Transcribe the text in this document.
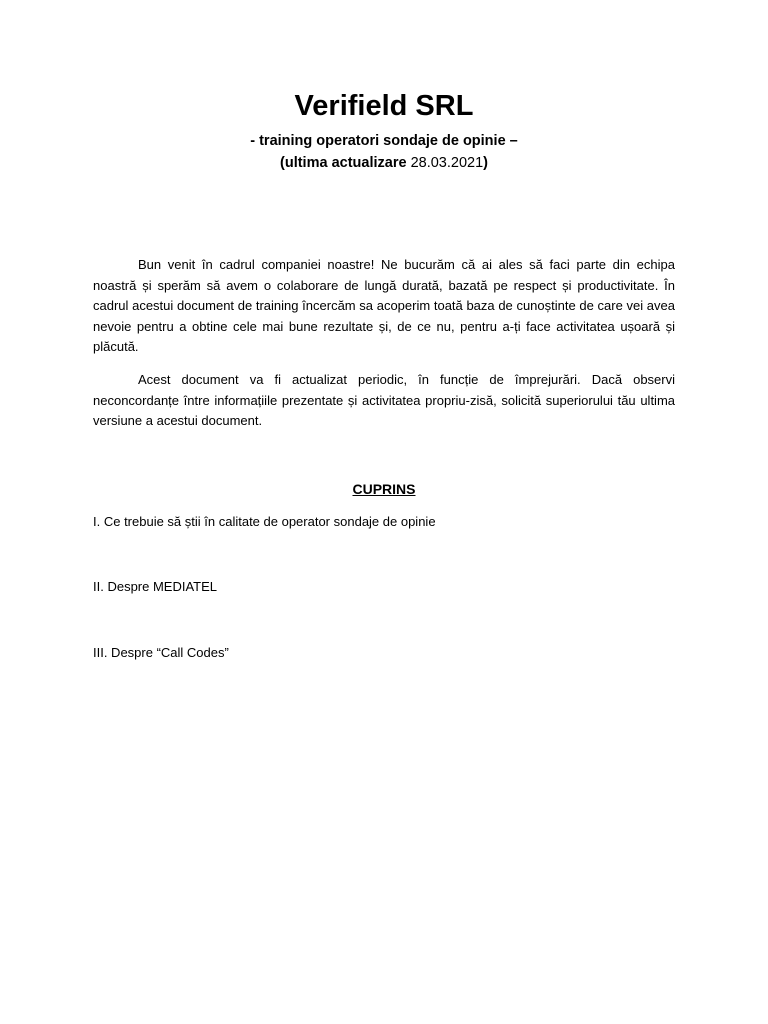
Verifield SRL

- training operatori sondaje de opinie –

(ultima actualizare 28.03.2021)

Bun venit în cadrul companiei noastre! Ne bucurăm că ai ales să faci parte din echipa noastră și sperăm să avem o colaborare de lungă durată, bazată pe respect și productivitate. În cadrul acestui document de training încercăm sa acoperim toată baza de cunoștinte de care vei avea nevoie pentru a obtine cele mai bune rezultate și, de ce nu, pentru a-ți face activitatea ușoară și plăcută.

Acest document va fi actualizat periodic, în funcție de împrejurări. Dacă observi neconcordanțe între informațiile prezentate și activitatea propriu-zisă, solicită superiorului tău ultima versiune a acestui document.

CUPRINS

I. Ce trebuie să știi în calitate de operator sondaje de opinie

II. Despre MEDIATEL

III. Despre “Call Codes”
